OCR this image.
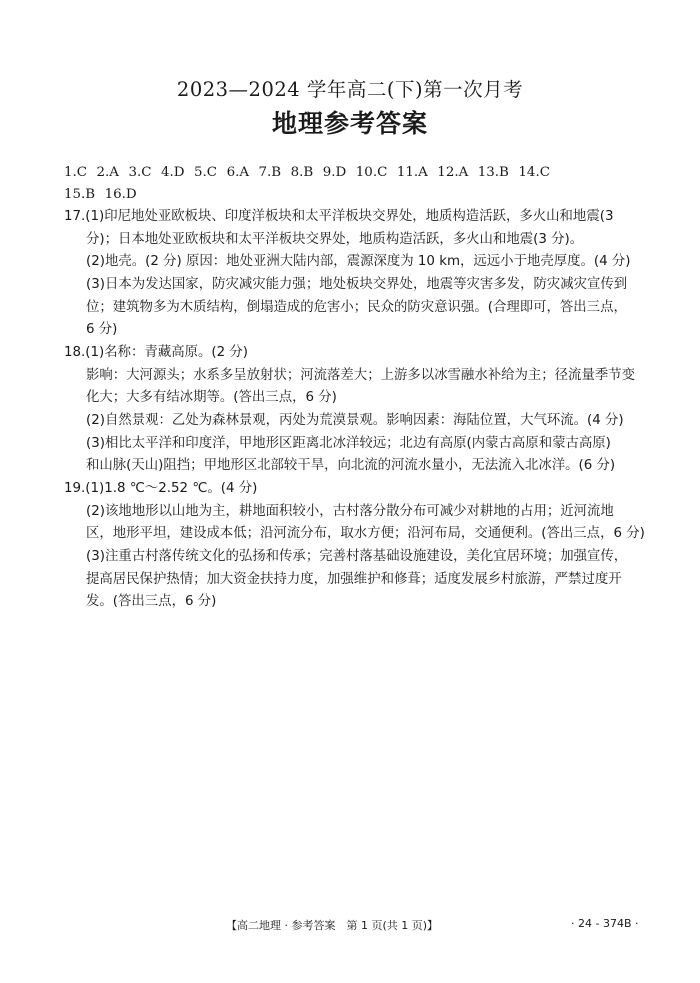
2023—2024 学年高二(下)第一次月考
地理参考答案
1.C 2.A 3.C 4.D 5.C 6.A 7.B 8.B 9.D 10.C 11.A 12.A 13.B 14.C
15.B 16.D
17.(1)印尼地处亚欧板块、印度洋板块和太平洋板块交界处，地质构造活跃，多火山和地震(3
分)；日本地处亚欧板块和太平洋板块交界处，地质构造活跃，多火山和地震(3 分)。
(2)地壳。(2 分) 原因：地处亚洲大陆内部，震源深度为 10 km，远远小于地壳厚度。(4 分)
(3)日本为发达国家，防灾减灾能力强；地处板块交界处，地震等灾害多发，防灾减灾宣传到
位；建筑物多为木质结构，倒塌造成的危害小；民众的防灾意识强。(合理即可，答出三点，
6 分)
18.(1)名称：青藏高原。(2 分)
影响：大河源头；水系多呈放射状；河流落差大；上游多以冰雪融水补给为主；径流量季节变
化大；大多有结冰期等。(答出三点，6 分)
(2)自然景观：乙处为森林景观，丙处为荒漠景观。影响因素：海陆位置，大气环流。(4 分)
(3)相比太平洋和印度洋，甲地形区距离北冰洋较远；北边有高原(内蒙古高原和蒙古高原)
和山脉(天山)阻挡；甲地形区北部较干旱，向北流的河流水量小，无法流入北冰洋。(6 分)
19.(1)1.8 ℃～2.52 ℃。(4 分)
(2)该地地形以山地为主，耕地面积较小，古村落分散分布可减少对耕地的占用；近河流地
区，地形平坦，建设成本低；沿河流分布，取水方便；沿河布局，交通便利。(答出三点，6 分)
(3)注重古村落传统文化的弘扬和传承；完善村落基础设施建设，美化宜居环境；加强宣传，
提高居民保护热情；加大资金扶持力度，加强维护和修葺；适度发展乡村旅游，严禁过度开
发。(答出三点，6 分)
【高二地理 · 参考答案　第 1 页(共 1 页)】	· 24 - 374B ·
